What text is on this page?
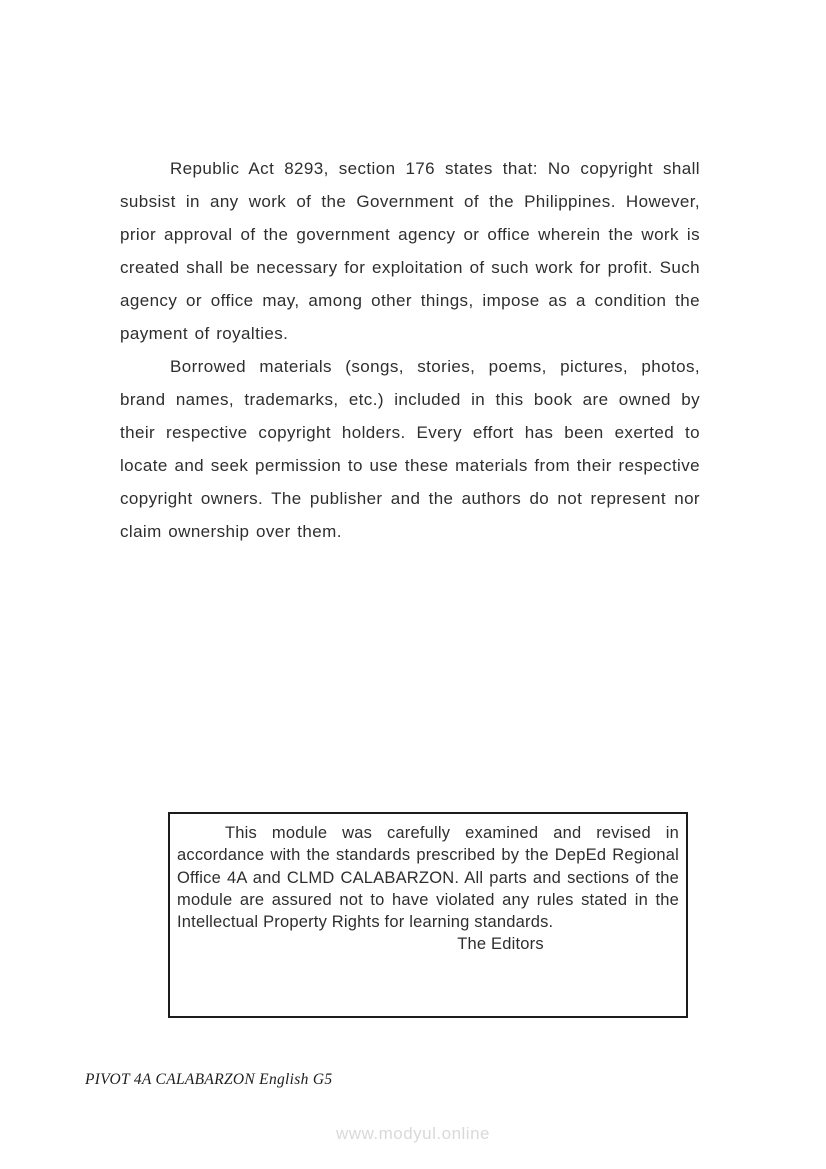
Republic Act 8293, section 176 states that: No copyright shall subsist in any work of the Government of the Philippines. However, prior approval of the government agency or office wherein the work is created shall be necessary for exploitation of such work for profit. Such agency or office may, among other things, impose as a condition the payment of royalties.

Borrowed materials (songs, stories, poems, pictures, photos, brand names, trademarks, etc.) included in this book are owned by their respective copyright holders. Every effort has been exerted to locate and seek permission to use these materials from their respective copyright owners. The publisher and the authors do not represent nor claim ownership over them.

This module was carefully examined and revised in accordance with the standards prescribed by the DepEd Regional Office 4A and CLMD CALABARZON. All parts and sections of the module are assured not to have violated any rules stated in the Intellectual Property Rights for learning standards.
The Editors
PIVOT 4A CALABARZON English G5
www.modyul.online
